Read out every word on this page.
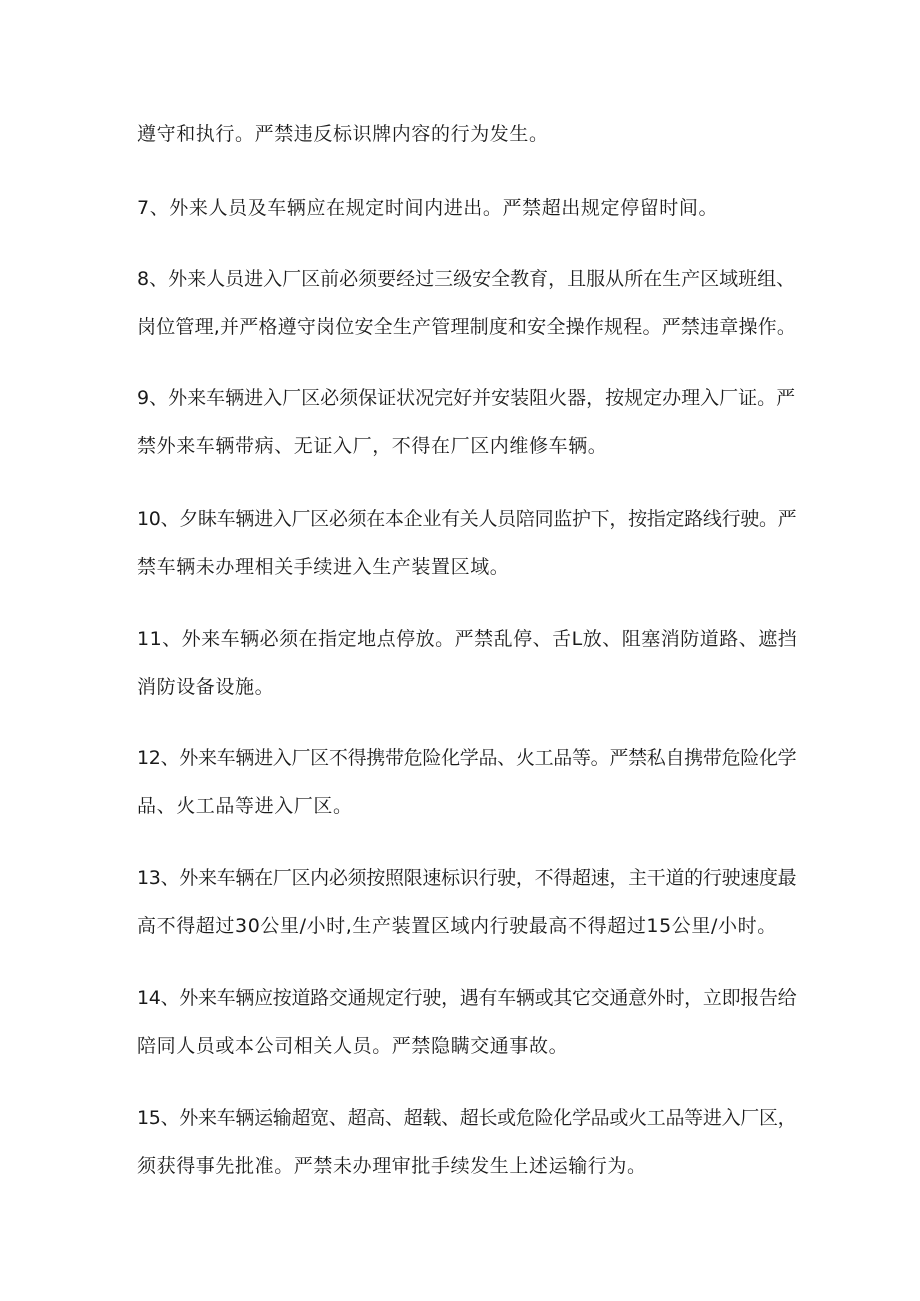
遵守和执行。严禁违反标识牌内容的行为发生。
7、外来人员及车辆应在规定时间内进出。严禁超出规定停留时间。
8、外来人员进入厂区前必须要经过三级安全教育，且服从所在生产区域班组、
岗位管理,并严格遵守岗位安全生产管理制度和安全操作规程。严禁违章操作。
9、外来车辆进入厂区必须保证状况完好并安装阻火器，按规定办理入厂证。严
禁外来车辆带病、无证入厂，不得在厂区内维修车辆。
10、夕眛车辆进入厂区必须在本企业有关人员陪同监护下，按指定路线行驶。严
禁车辆未办理相关手续进入生产装置区域。
11、外来车辆必须在指定地点停放。严禁乱停、舌L放、阻塞消防道路、遮挡
消防设备设施。
12、外来车辆进入厂区不得携带危险化学品、火工品等。严禁私自携带危险化学
品、火工品等进入厂区。
13、外来车辆在厂区内必须按照限速标识行驶，不得超速，主干道的行驶速度最
高不得超过30公里/小时,生产装置区域内行驶最高不得超过15公里/小时。
14、外来车辆应按道路交通规定行驶，遇有车辆或其它交通意外时，立即报告给
陪同人员或本公司相关人员。严禁隐瞒交通事故。
15、外来车辆运输超宽、超高、超载、超长或危险化学品或火工品等进入厂区，
须获得事先批准。严禁未办理审批手续发生上述运输行为。
